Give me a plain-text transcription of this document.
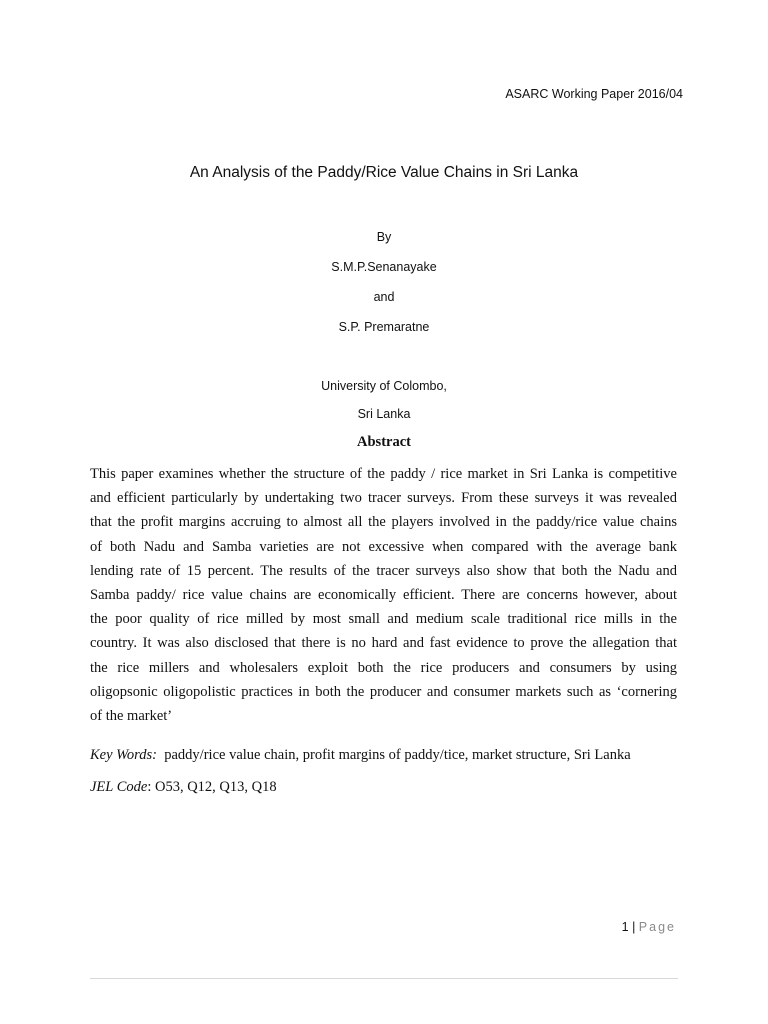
ASARC Working Paper 2016/04
An Analysis of the Paddy/Rice Value Chains in Sri Lanka
By
S.M.P.Senanayake
and
S.P. Premaratne
University of Colombo,
Sri Lanka
Abstract
This paper examines whether the structure of the paddy / rice market in Sri Lanka is competitive
and efficient particularly by undertaking two tracer surveys. From these surveys it was revealed
that the profit margins accruing to almost all the players involved in the paddy/rice value chains
of both Nadu and Samba varieties are not excessive when compared with the average bank
lending rate of 15 percent. The results of the tracer surveys also show that both the Nadu and
Samba paddy/ rice value chains are economically efficient. There are concerns however, about
the poor quality of rice milled by most small and medium scale traditional rice mills in the
country. It was also disclosed that there is no hard and fast evidence to prove the allegation that
the rice millers and wholesalers exploit both the rice producers and consumers by using
oligopsonic oligopolistic practices in both the producer and consumer markets such as ‘cornering
of the market’
Key Words: paddy/rice value chain, profit margins of paddy/tice, market structure, Sri Lanka
JEL Code: O53, Q12, Q13, Q18
1 | Page
